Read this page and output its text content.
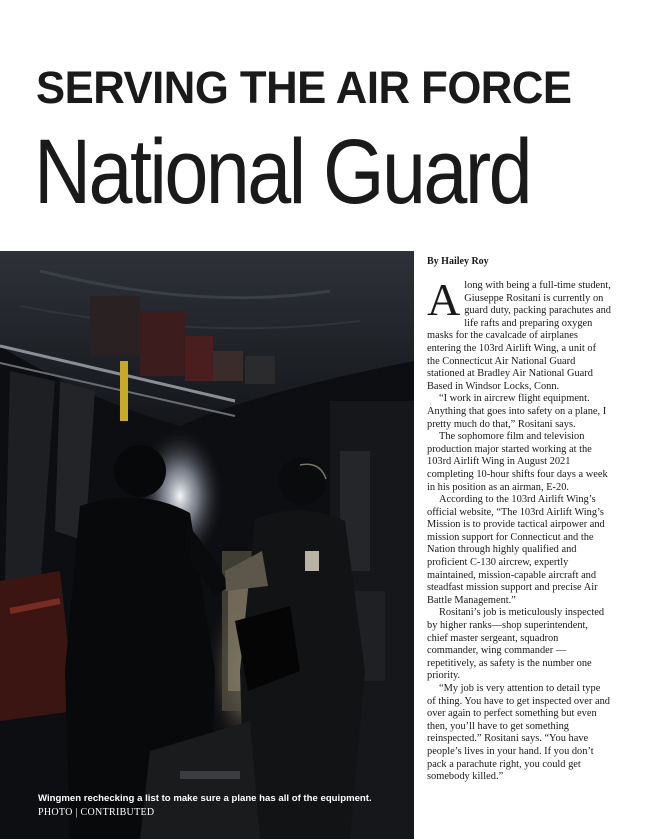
SERVING THE AIR FORCE
National Guard
Wingmen rechecking a list to make sure a plane has all of the equipment.
PHOTO | CONTRIBUTED
By Hailey Roy

Along with being a full-time student, Giuseppe Rositani is currently on guard duty, packing parachutes and life rafts and preparing oxygen masks for the cavalcade of airplanes entering the 103rd Airlift Wing, a unit of the Connecticut Air National Guard stationed at Bradley Air National Guard Based in Windsor Locks, Conn.

“I work in aircrew flight equipment. Anything that goes into safety on a plane, I pretty much do that,” Rositani says.

The sophomore film and television production major started working at the 103rd Airlift Wing in August 2021 completing 10-hour shifts four days a week in his position as an airman, E-20.

According to the 103rd Airlift Wing’s official website, “The 103rd Airlift Wing’s Mission is to provide tactical airpower and mission support for Connecticut and the Nation through highly qualified and proficient C-130 aircrew, expertly maintained, mission-capable aircraft and steadfast mission support and precise Air Battle Management.”

Rositani’s job is meticulously inspected by higher ranks—shop superintendent, chief master sergeant, squadron commander, wing commander — repetitively, as safety is the number one priority.

“My job is very attention to detail type of thing. You have to get inspected over and over again to perfect something but even then, you’ll have to get something reinspected.” Rositani says. “You have people’s lives in your hand. If you don’t pack a parachute right, you could get somebody killed.”
